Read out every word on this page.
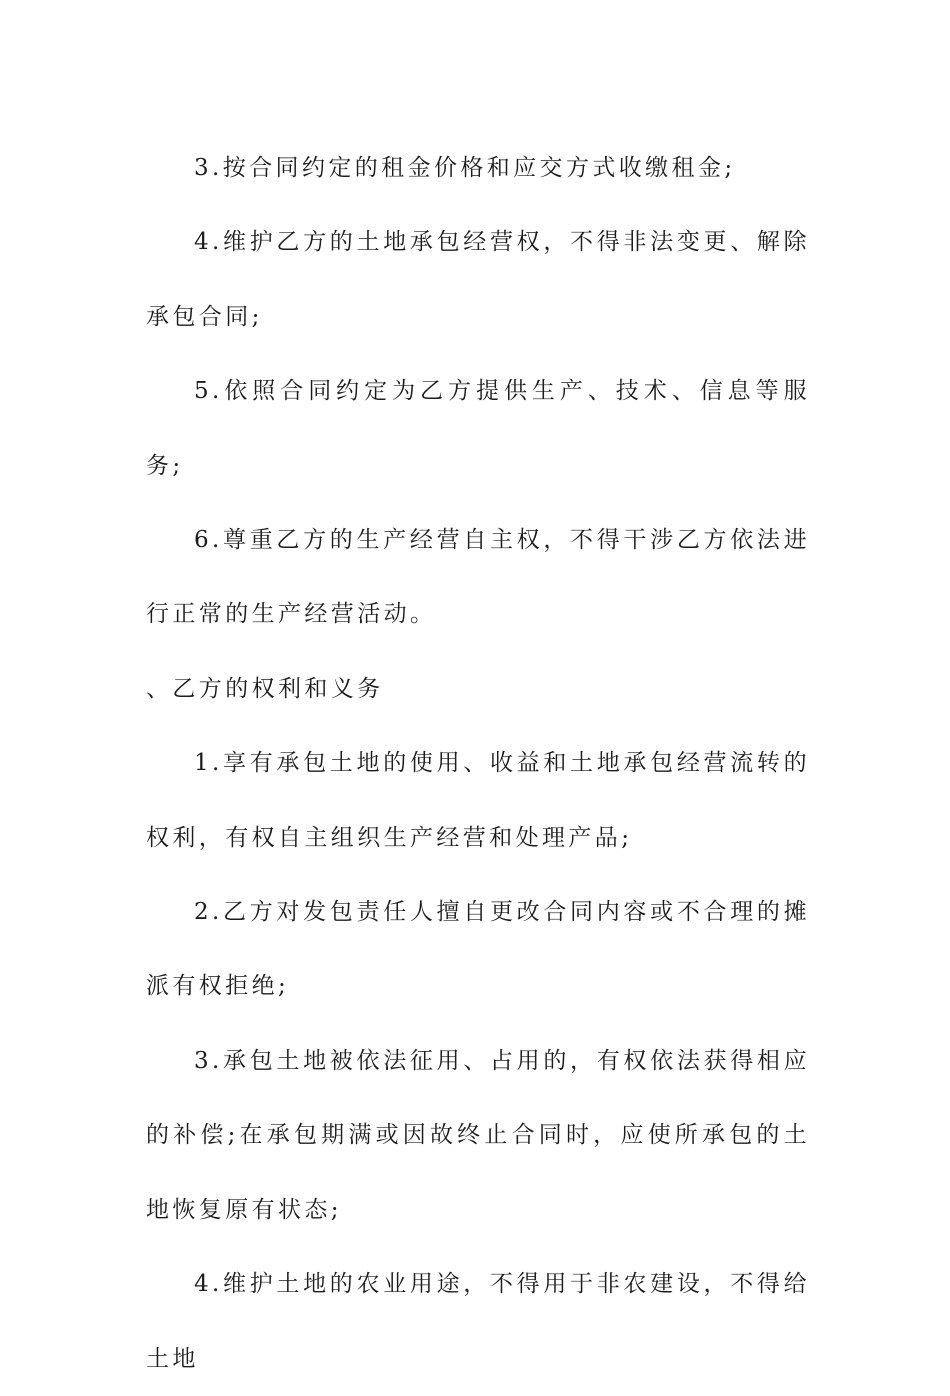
3.按合同约定的租金价格和应交方式收缴租金;

4.维护乙方的土地承包经营权，不得非法变更、解除承包合同;

5.依照合同约定为乙方提供生产、技术、信息等服务;

6.尊重乙方的生产经营自主权，不得干涉乙方依法进行正常的生产经营活动。

、乙方的权利和义务

1.享有承包土地的使用、收益和土地承包经营流转的权利，有权自主组织生产经营和处理产品;

2.乙方对发包责任人擅自更改合同内容或不合理的摊派有权拒绝;

3.承包土地被依法征用、占用的，有权依法获得相应的补偿;在承包期满或因故终止合同时，应使所承包的土地恢复原有状态;

4.维护土地的农业用途，不得用于非农建设，不得给土地
